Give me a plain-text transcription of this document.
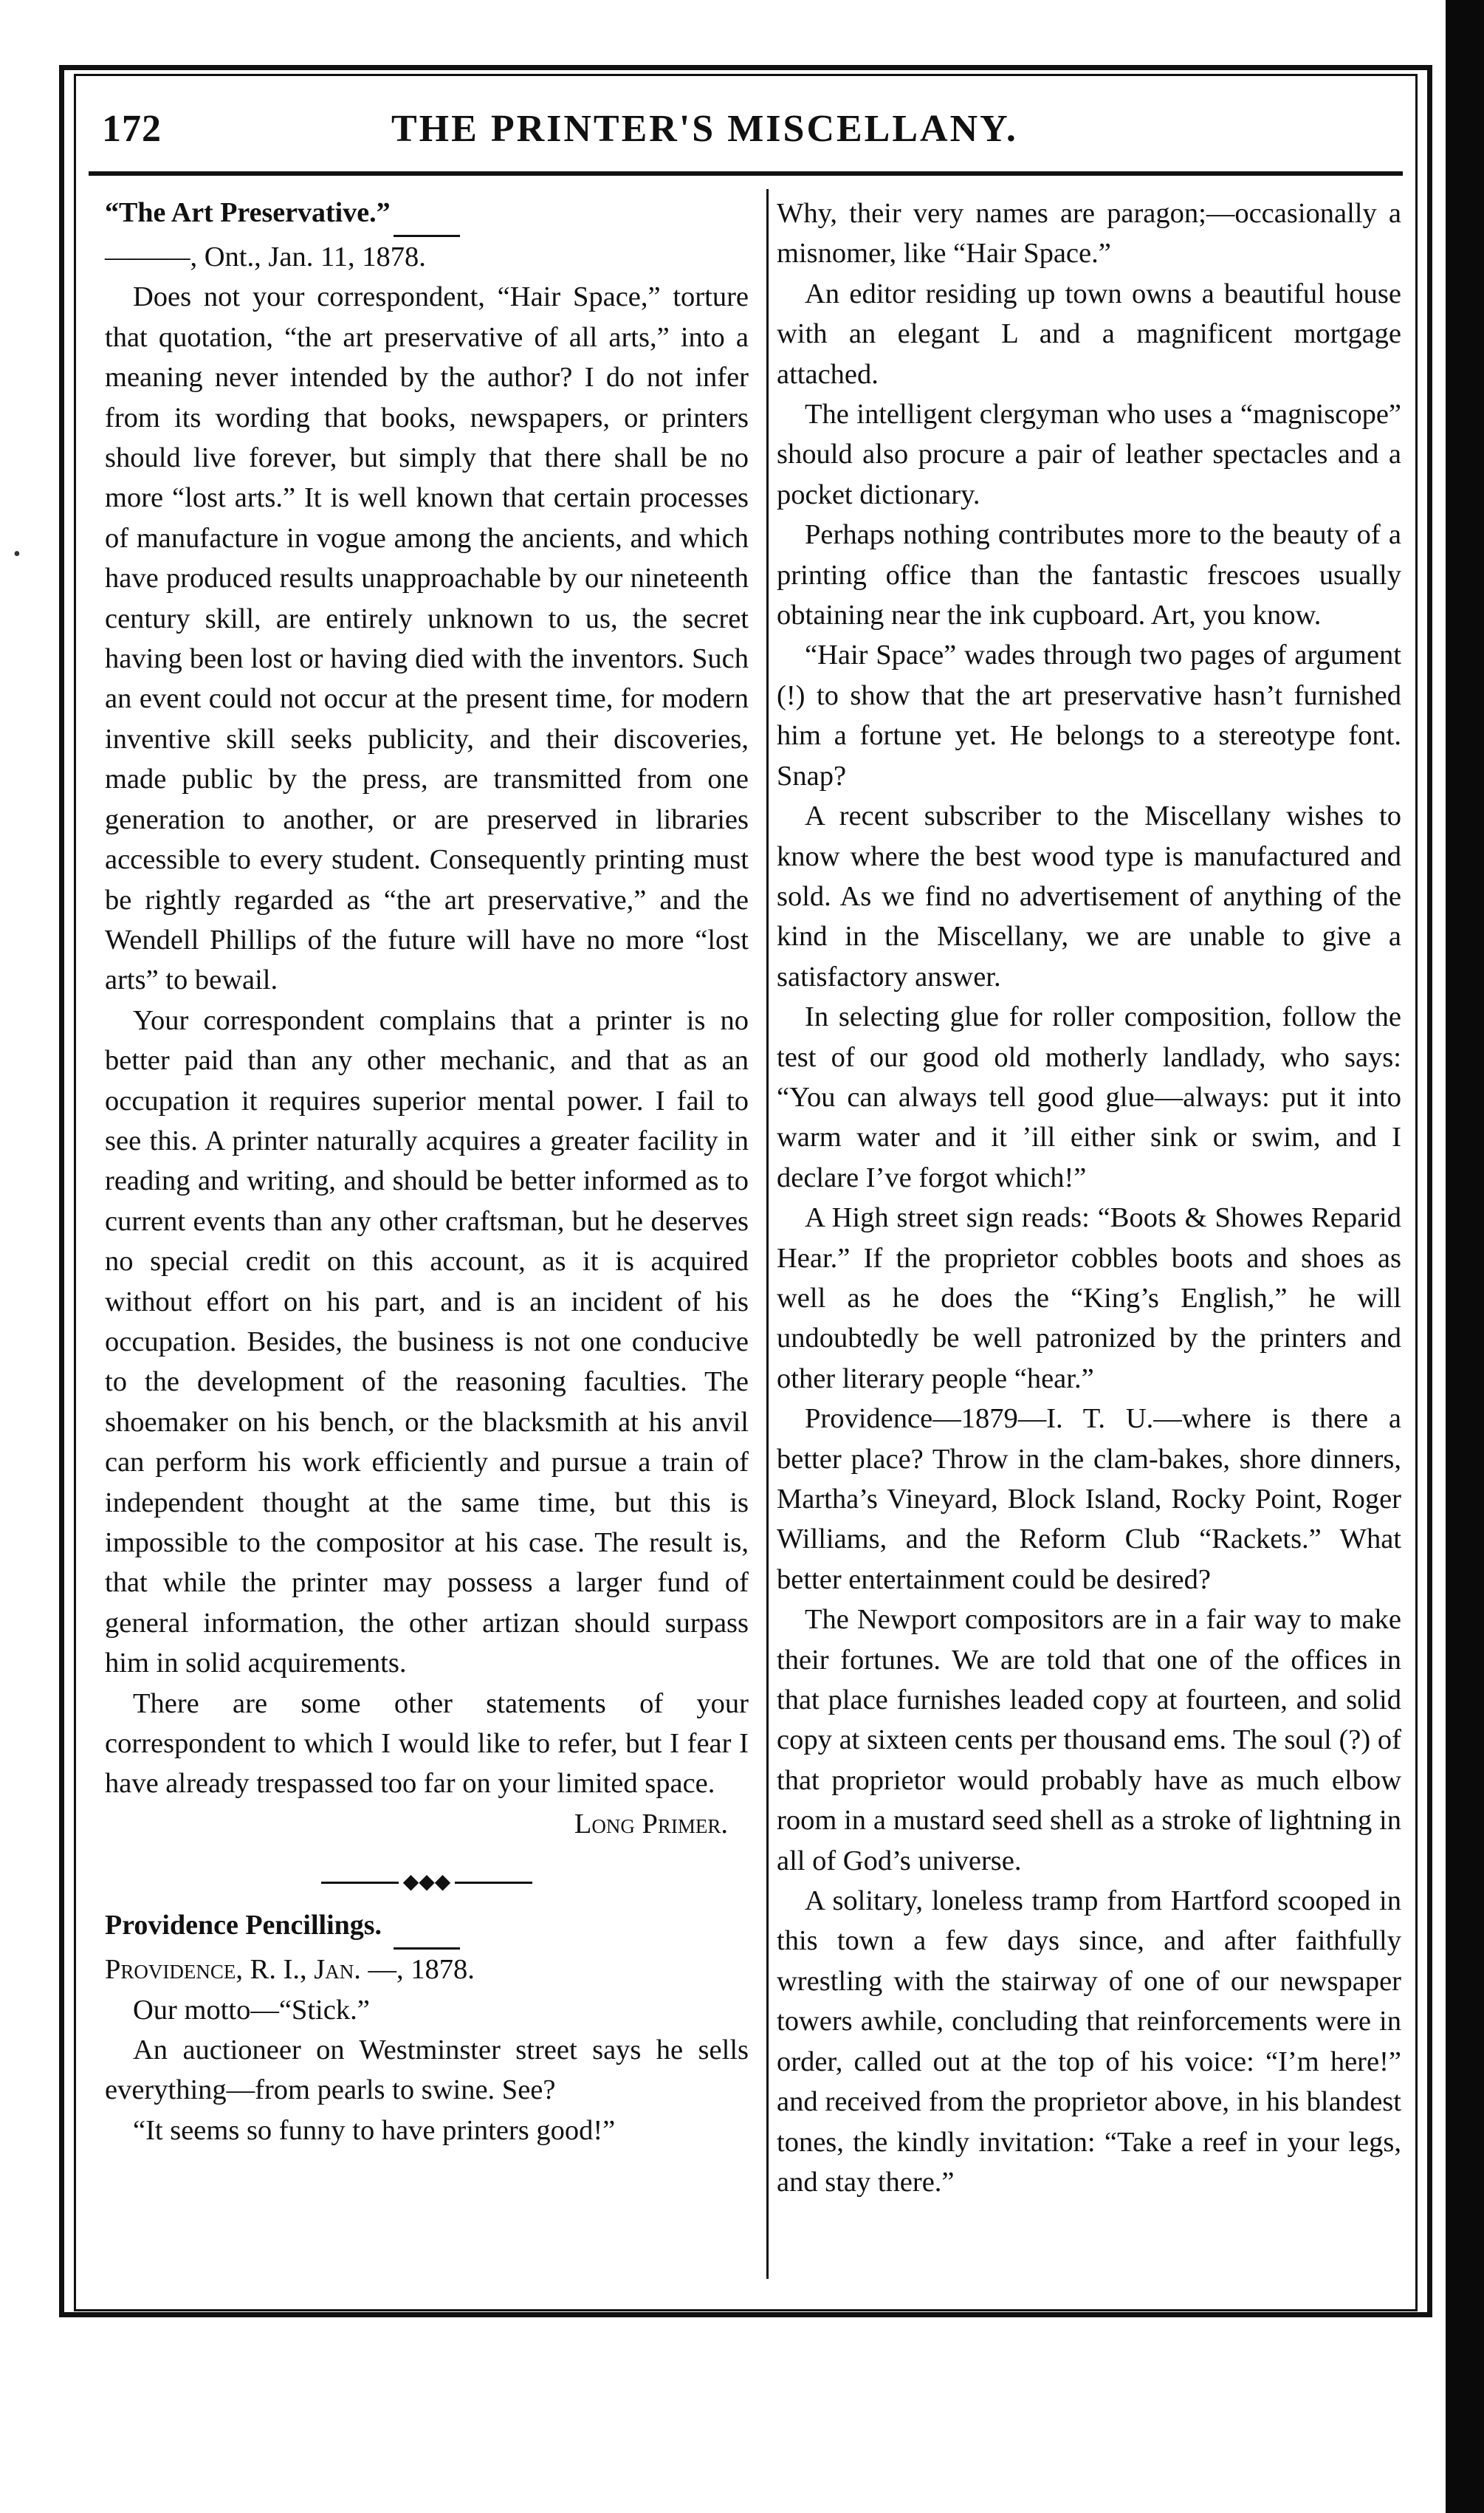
•
172	THE PRINTER'S MISCELLANY.

“The Art Preservative.”

———, Ont., Jan. 11, 1878.

Does not your correspondent, “Hair Space,” torture that quotation, “the art preservative of all arts,” into a meaning never intended by the author? I do not infer from its wording that books, newspapers, or printers should live forever, but simply that there shall be no more “lost arts.” It is well known that certain processes of manufacture in vogue among the ancients, and which have produced results unapproachable by our nineteenth century skill, are entirely unknown to us, the secret having been lost or having died with the inventors. Such an event could not occur at the present time, for modern inventive skill seeks publicity, and their discoveries, made public by the press, are transmitted from one generation to another, or are preserved in libraries accessible to every student. Consequently printing must be rightly regarded as “the art preservative,” and the Wendell Phillips of the future will have no more “lost arts” to bewail.

Your correspondent complains that a printer is no better paid than any other mechanic, and that as an occupation it requires superior mental power. I fail to see this. A printer naturally acquires a greater facility in reading and writing, and should be better informed as to current events than any other craftsman, but he deserves no special credit on this account, as it is acquired without effort on his part, and is an incident of his occupation. Besides, the business is not one conducive to the development of the reasoning faculties. The shoemaker on his bench, or the blacksmith at his anvil can perform his work efficiently and pursue a train of independent thought at the same time, but this is impossible to the compositor at his case. The result is, that while the printer may possess a larger fund of general information, the other artizan should surpass him in solid acquirements.

There are some other statements of your correspondent to which I would like to refer, but I fear I have already trespassed too far on your limited space.

Long Primer.

◆◆◆

Providence Pencillings.

Providence, R. I., Jan. —, 1878.

Our motto—“Stick.”

An auctioneer on Westminster street says he sells everything—from pearls to swine. See?

“It seems so funny to have printers good!”

Why, their very names are paragon;—occasionally a misnomer, like “Hair Space.”

An editor residing up town owns a beautiful house with an elegant L and a magnificent mortgage attached.

The intelligent clergyman who uses a “magniscope” should also procure a pair of leather spectacles and a pocket dictionary.

Perhaps nothing contributes more to the beauty of a printing office than the fantastic frescoes usually obtaining near the ink cupboard. Art, you know.

“Hair Space” wades through two pages of argument (!) to show that the art preservative hasn’t furnished him a fortune yet. He belongs to a stereotype font. Snap?

A recent subscriber to the Miscellany wishes to know where the best wood type is manufactured and sold. As we find no advertisement of anything of the kind in the Miscellany, we are unable to give a satisfactory answer.

In selecting glue for roller composition, follow the test of our good old motherly landlady, who says: “You can always tell good glue—always: put it into warm water and it ’ill either sink or swim, and I declare I’ve forgot which!”

A High street sign reads: “Boots & Showes Reparid Hear.” If the proprietor cobbles boots and shoes as well as he does the “King’s English,” he will undoubtedly be well patronized by the printers and other literary people “hear.”

Providence—1879—I. T. U.—where is there a better place? Throw in the clam-bakes, shore dinners, Martha’s Vineyard, Block Island, Rocky Point, Roger Williams, and the Reform Club “Rackets.” What better entertainment could be desired?

The Newport compositors are in a fair way to make their fortunes. We are told that one of the offices in that place furnishes leaded copy at fourteen, and solid copy at sixteen cents per thousand ems. The soul (?) of that proprietor would probably have as much elbow room in a mustard seed shell as a stroke of lightning in all of God’s universe.

A solitary, loneless tramp from Hartford scooped in this town a few days since, and after faithfully wrestling with the stairway of one of our newspaper towers awhile, concluding that reinforcements were in order, called out at the top of his voice: “I’m here!” and received from the proprietor above, in his blandest tones, the kindly invitation: “Take a reef in your legs, and stay there.”
